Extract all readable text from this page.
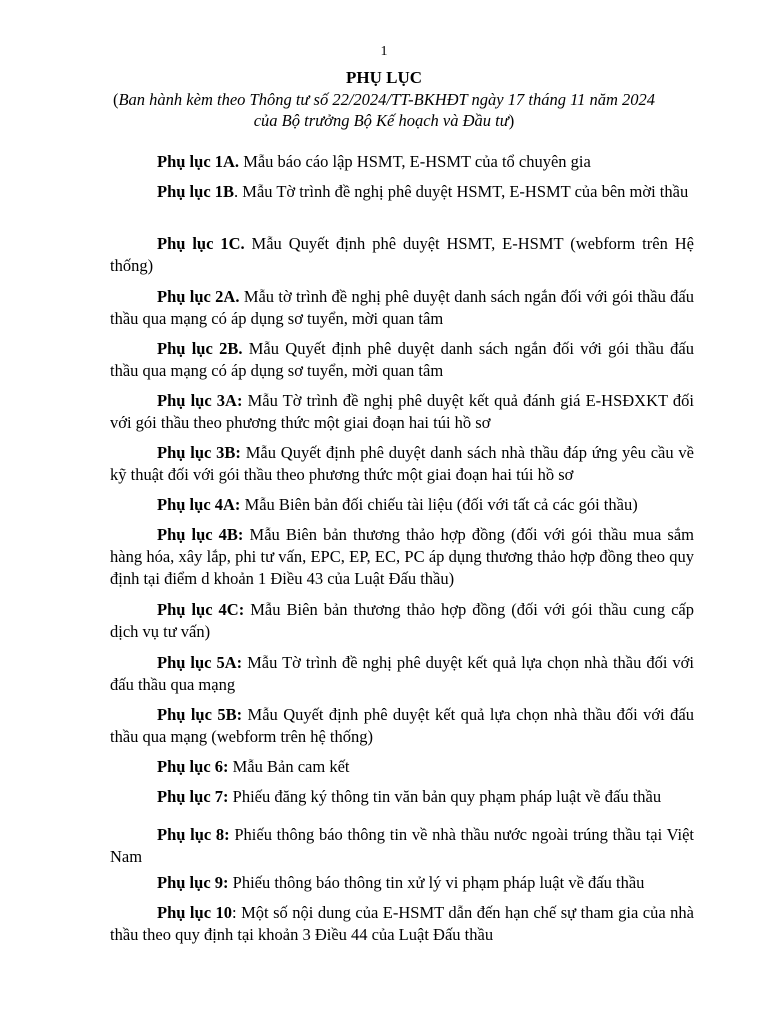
1
PHỤ LỤC
(Ban hành kèm theo Thông tư số 22/2024/TT-BKHĐT ngày 17 tháng 11 năm 2024 của Bộ trưởng Bộ Kế hoạch và Đầu tư)

Phụ lục 1A. Mẫu báo cáo lập HSMT, E-HSMT của tổ chuyên gia

Phụ lục 1B. Mẫu Tờ trình đề nghị phê duyệt HSMT, E-HSMT của bên mời thầu

Phụ lục 1C. Mẫu Quyết định phê duyệt HSMT, E-HSMT (webform trên Hệ thống)

Phụ lục 2A. Mẫu tờ trình đề nghị phê duyệt danh sách ngắn đối với gói thầu đấu thầu qua mạng có áp dụng sơ tuyển, mời quan tâm

Phụ lục 2B. Mẫu Quyết định phê duyệt danh sách ngắn đối với gói thầu đấu thầu qua mạng có áp dụng sơ tuyển, mời quan tâm

Phụ lục 3A: Mẫu Tờ trình đề nghị phê duyệt kết quả đánh giá E-HSĐXKT đối với gói thầu theo phương thức một giai đoạn hai túi hồ sơ

Phụ lục 3B: Mẫu Quyết định phê duyệt danh sách nhà thầu đáp ứng yêu cầu về kỹ thuật đối với gói thầu theo phương thức một giai đoạn hai túi hồ sơ

Phụ lục 4A: Mẫu Biên bản đối chiếu tài liệu (đối với tất cả các gói thầu)

Phụ lục 4B: Mẫu Biên bản thương thảo hợp đồng (đối với gói thầu mua sắm hàng hóa, xây lắp, phi tư vấn, EPC, EP, EC, PC áp dụng thương thảo hợp đồng theo quy định tại điểm d khoản 1 Điều 43 của Luật Đấu thầu)

Phụ lục 4C: Mẫu Biên bản thương thảo hợp đồng (đối với gói thầu cung cấp dịch vụ tư vấn)

Phụ lục 5A: Mẫu Tờ trình đề nghị phê duyệt kết quả lựa chọn nhà thầu đối với đấu thầu qua mạng

Phụ lục 5B: Mẫu Quyết định phê duyệt kết quả lựa chọn nhà thầu đối với đấu thầu qua mạng (webform trên hệ thống)

Phụ lục 6: Mẫu Bản cam kết

Phụ lục 7: Phiếu đăng ký thông tin văn bản quy phạm pháp luật về đấu thầu

Phụ lục 8: Phiếu thông báo thông tin về nhà thầu nước ngoài trúng thầu tại Việt Nam

Phụ lục 9: Phiếu thông báo thông tin xử lý vi phạm pháp luật về đấu thầu

Phụ lục 10: Một số nội dung của E-HSMT dẫn đến hạn chế sự tham gia của nhà thầu theo quy định tại khoản 3 Điều 44 của Luật Đấu thầu
